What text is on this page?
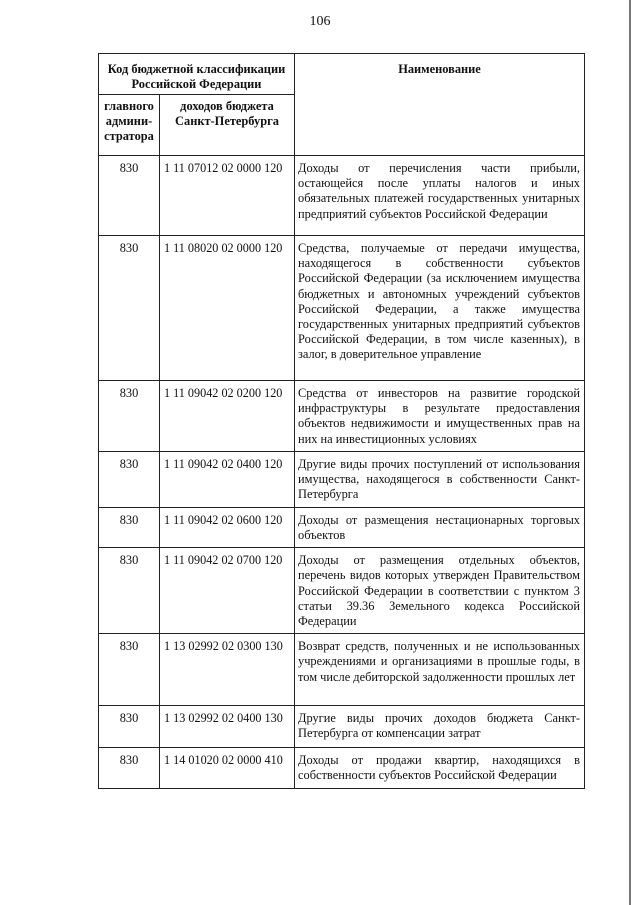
106
Код бюджетной классификации Российской Федерации		Наименование
главного админи-стратора	доходов бюджета Санкт-Петербурга	
830	1 11 07012 02 0000 120	Доходы от перечисления части прибыли, остающейся после уплаты налогов и иных обязательных платежей государственных унитарных предприятий субъектов Российской Федерации
830	1 11 08020 02 0000 120	Средства, получаемые от передачи имущества, находящегося в собственности субъектов Российской Федерации (за исключением имущества бюджетных и автономных учреждений субъектов Российской Федерации, а также имущества государственных унитарных предприятий субъектов Российской Федерации, в том числе казенных), в залог, в доверительное управление
830	1 11 09042 02 0200 120	Средства от инвесторов на развитие городской инфраструктуры в результате предоставления объектов недвижимости и имущественных прав на них на инвестиционных условиях
830	1 11 09042 02 0400 120	Другие виды прочих поступлений от использования имущества, находящегося в собственности Санкт-Петербурга
830	1 11 09042 02 0600 120	Доходы от размещения нестационарных торговых объектов
830	1 11 09042 02 0700 120	Доходы от размещения отдельных объектов, перечень видов которых утвержден Правительством Российской Федерации в соответствии с пунктом 3 статьи 39.36 Земельного кодекса Российской Федерации
830	1 13 02992 02 0300 130	Возврат средств, полученных и не использованных учреждениями и организациями в прошлые годы, в том числе дебиторской задолженности прошлых лет
830	1 13 02992 02 0400 130	Другие виды прочих доходов бюджета Санкт-Петербурга от компенсации затрат
830	1 14 01020 02 0000 410	Доходы от продажи квартир, находящихся в собственности субъектов Российской Федерации
